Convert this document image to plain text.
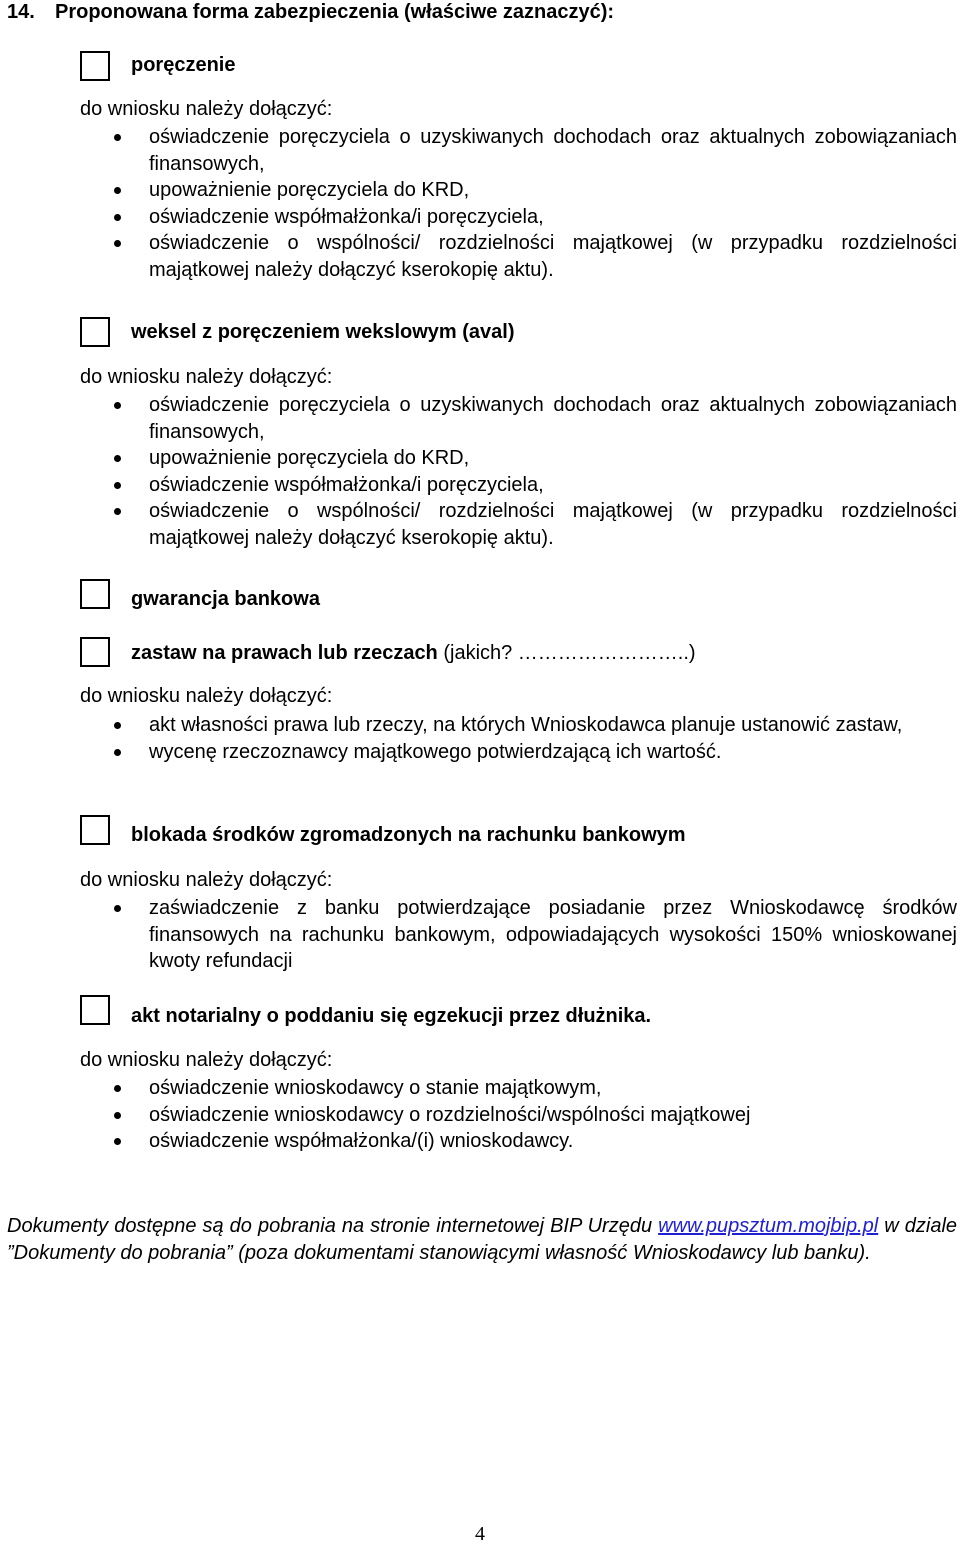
14. Proponowana forma zabezpieczenia (właściwe zaznaczyć):
poręczenie
do wniosku należy dołączyć:
oświadczenie poręczyciela o uzyskiwanych dochodach oraz aktualnych zobowiązaniach finansowych,
upoważnienie poręczyciela do KRD,
oświadczenie współmałżonka/i poręczyciela,
oświadczenie o wspólności/ rozdzielności majątkowej (w przypadku rozdzielności majątkowej należy dołączyć kserokopię aktu).
weksel z poręczeniem wekslowym (aval)
do wniosku należy dołączyć:
oświadczenie poręczyciela o uzyskiwanych dochodach oraz aktualnych zobowiązaniach finansowych,
upoważnienie poręczyciela do KRD,
oświadczenie współmałżonka/i poręczyciela,
oświadczenie o wspólności/ rozdzielności majątkowej (w przypadku rozdzielności majątkowej należy dołączyć kserokopię aktu).
gwarancja bankowa
zastaw na prawach lub rzeczach (jakich? ……………………..)
do wniosku należy dołączyć:
akt własności prawa lub rzeczy, na których Wnioskodawca planuje ustanowić zastaw,
wycenę rzeczoznawcy majątkowego potwierdzającą ich wartość.
blokada środków zgromadzonych na rachunku bankowym
do wniosku należy dołączyć:
zaświadczenie z banku potwierdzające posiadanie przez Wnioskodawcę środków finansowych na rachunku bankowym, odpowiadających wysokości 150% wnioskowanej kwoty refundacji
akt notarialny o poddaniu się egzekucji przez dłużnika.
do wniosku należy dołączyć:
oświadczenie wnioskodawcy o stanie majątkowym,
oświadczenie wnioskodawcy o rozdzielności/wspólności majątkowej
oświadczenie współmałżonka/(i) wnioskodawcy.
Dokumenty dostępne są do pobrania na stronie internetowej BIP Urzędu www.pupsztum.mojbip.pl w dziale ”Dokumenty do pobrania” (poza dokumentami stanowiącymi własność Wnioskodawcy lub banku).
4
